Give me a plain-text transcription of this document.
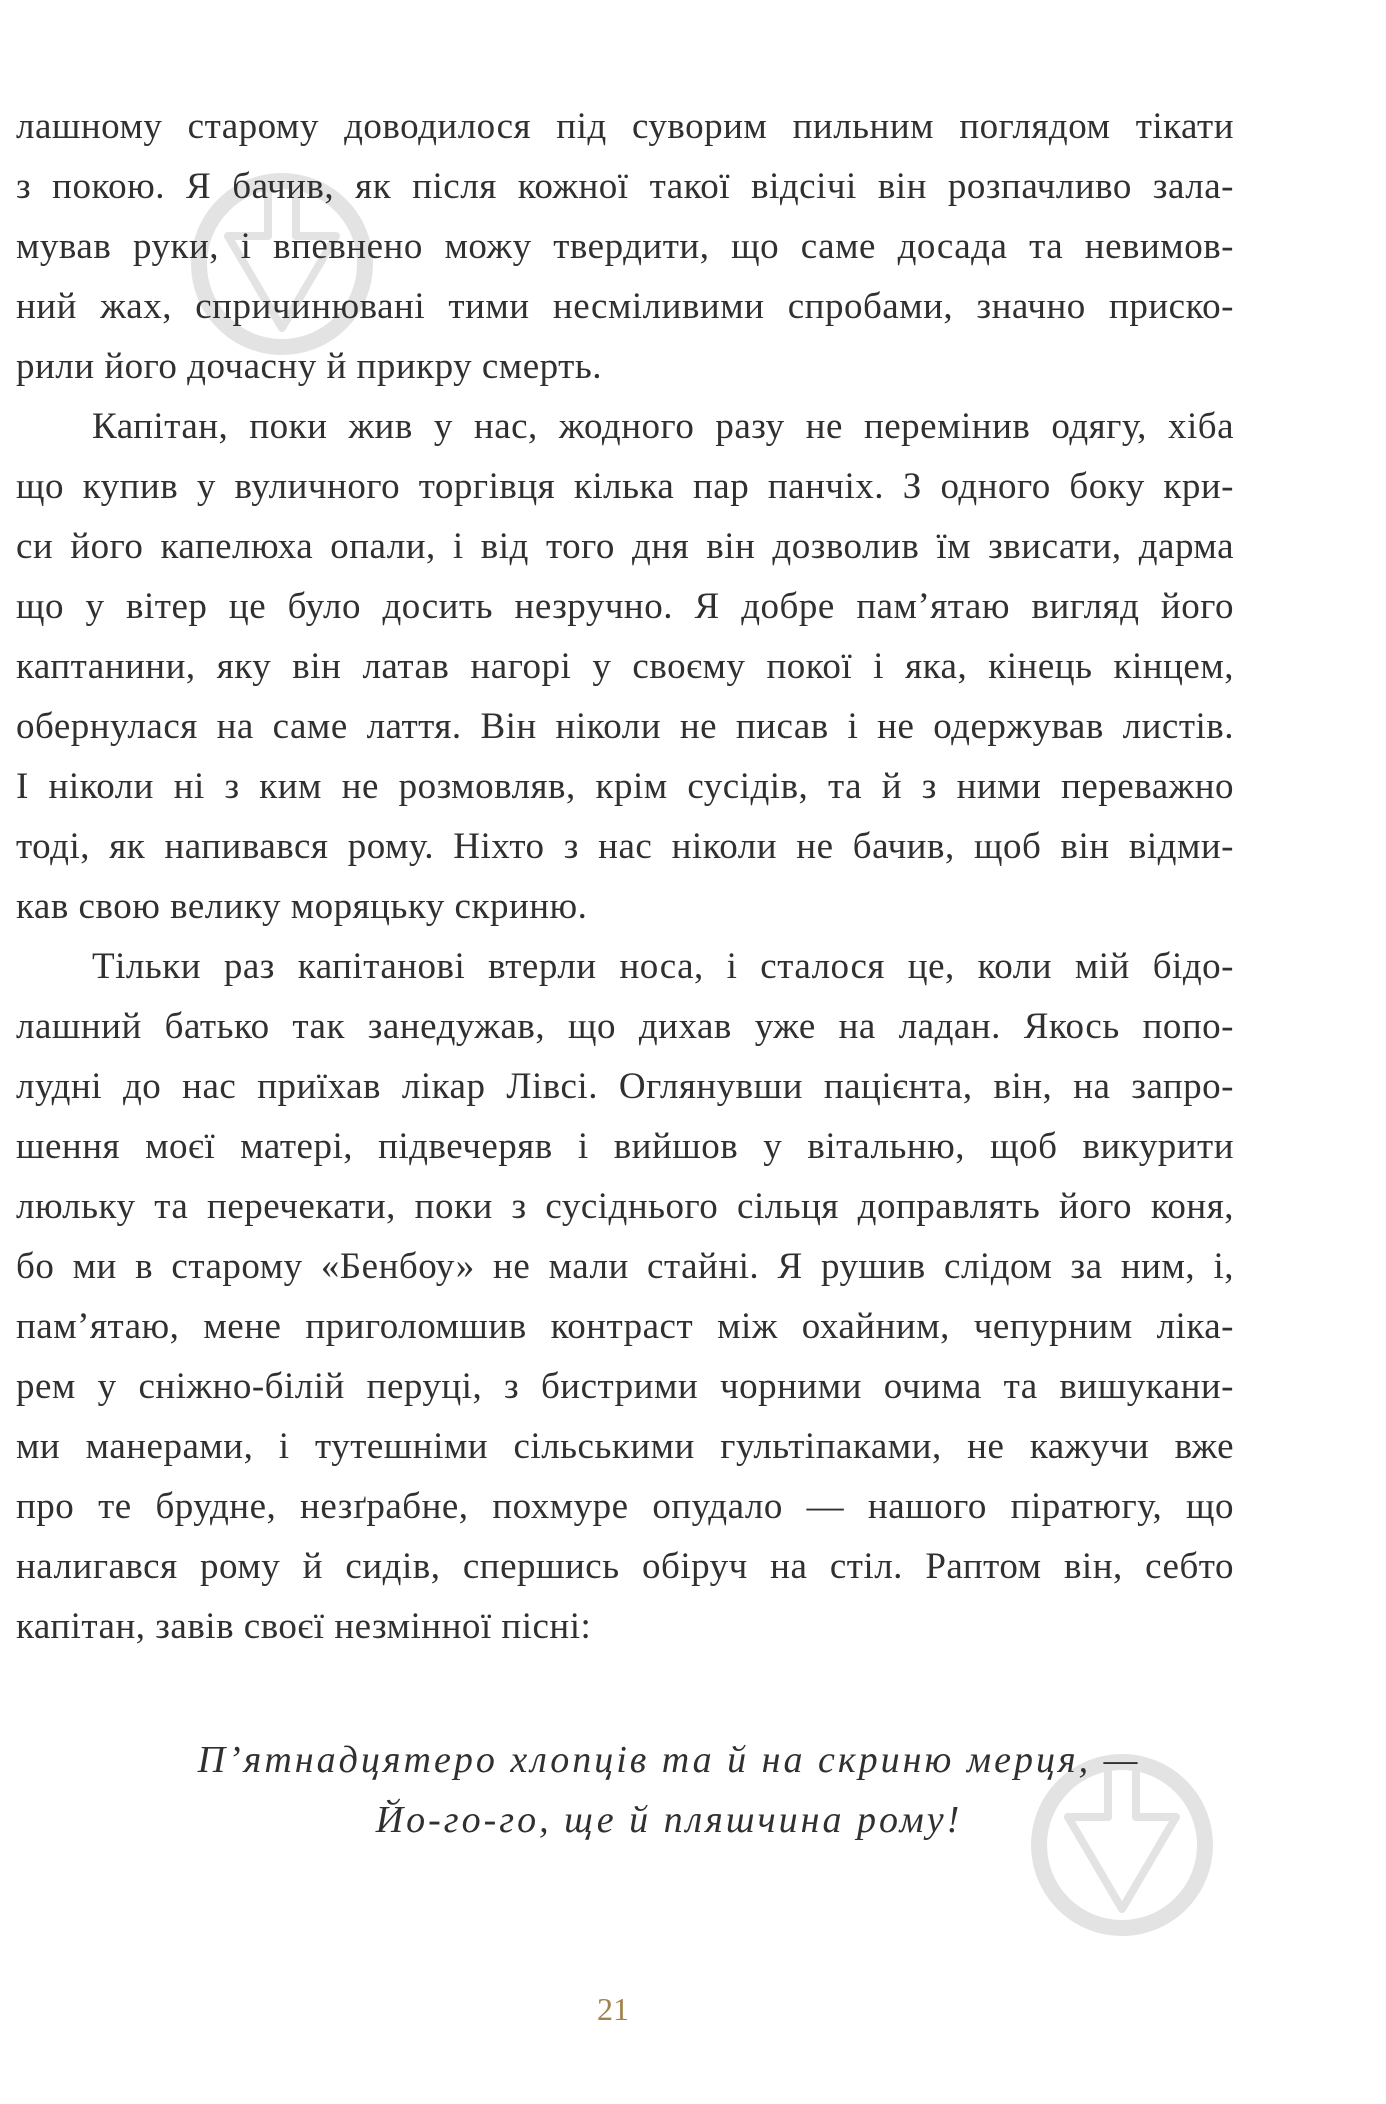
лашному старому доводилося під суворим пильним поглядом тікати
з покою. Я бачив, як після кожної такої відсічі він розпачливо зала-
мував руки, і впевнено можу твердити, що саме досада та невимов-
ний жах, спричинювані тими несміливими спробами, значно приско-
рили його дочасну й прикру смерть.
Капітан, поки жив у нас, жодного разу не перемінив одягу, хіба
що купив у вуличного торгівця кілька пар панчіх. З одного боку кри-
си його капелюха опали, і від того дня він дозволив їм звисати, дарма
що у вітер це було досить незручно. Я добре пам’ятаю вигляд його
каптанини, яку він латав нагорі у своєму покої і яка, кінець кінцем,
обернулася на саме лаття. Він ніколи не писав і не одержував листів.
І ніколи ні з ким не розмовляв, крім сусідів, та й з ними переважно
тоді, як напивався рому. Ніхто з нас ніколи не бачив, щоб він відми-
кав свою велику моряцьку скриню.
Тільки раз капітанові втерли носа, і сталося це, коли мій бідо-
лашний батько так занедужав, що дихав уже на ладан. Якось попо-
лудні до нас приїхав лікар Лівсі. Оглянувши пацієнта, він, на запро-
шення моєї матері, підвечеряв і вийшов у вітальню, щоб викурити
люльку та перечекати, поки з сусіднього сільця доправлять його коня,
бо ми в старому «Бенбоу» не мали стайні. Я рушив слідом за ним, і,
пам’ятаю, мене приголомшив контраст між охайним, чепурним ліка-
рем у сніжно-білій перуці, з бистрими чорними очима та вишукани-
ми манерами, і тутешніми сільськими гультіпаками, не кажучи вже
про те брудне, незґрабне, похмуре опудало — нашого піратюгу, що
налигався рому й сидів, спершись обіруч на стіл. Раптом він, себто
капітан, завів своєї незмінної пісні:
П’ятнадцятеро хлопців та й на скриню мерця, —
Йо-го-го, ще й пляшчина рому!
21
